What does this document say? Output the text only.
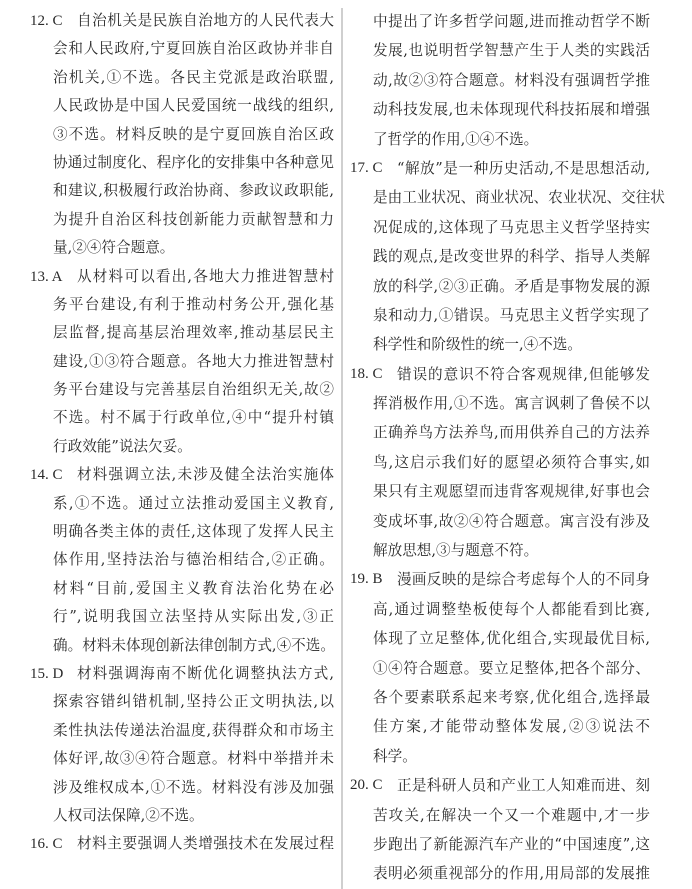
12. C 自治机关是民族自治地方的人民代表大
会和人民政府,宁夏回族自治区政协并非自
治机关,①不选。各民主党派是政治联盟,
人民政协是中国人民爱国统一战线的组织,
③不选。材料反映的是宁夏回族自治区政
协通过制度化、程序化的安排集中各种意见
和建议,积极履行政治协商、参政议政职能,
为提升自治区科技创新能力贡献智慧和力
量,②④符合题意。
13. A 从材料可以看出,各地大力推进智慧村
务平台建设,有利于推动村务公开,强化基
层监督,提高基层治理效率,推动基层民主
建设,①③符合题意。各地大力推进智慧村
务平台建设与完善基层自治组织无关,故②
不选。村不属于行政单位,④中“提升村镇
行政效能”说法欠妥。
14. C 材料强调立法,未涉及健全法治实施体
系,①不选。通过立法推动爱国主义教育,
明确各类主体的责任,这体现了发挥人民主
体作用,坚持法治与德治相结合,②正确。
材料“目前,爱国主义教育法治化势在必
行”,说明我国立法坚持从实际出发,③正
确。材料未体现创新法律创制方式,④不选。
15. D 材料强调海南不断优化调整执法方式,
探索容错纠错机制,坚持公正文明执法,以
柔性执法传递法治温度,获得群众和市场主
体好评,故③④符合题意。材料中举措并未
涉及维权成本,①不选。材料没有涉及加强
人权司法保障,②不选。
16. C 材料主要强调人类增强技术在发展过程
中提出了许多哲学问题,进而推动哲学不断
发展,也说明哲学智慧产生于人类的实践活
动,故②③符合题意。材料没有强调哲学推
动科技发展,也未体现现代科技拓展和增强
了哲学的作用,①④不选。
17. C “解放”是一种历史活动,不是思想活动,
是由工业状况、商业状况、农业状况、交往状
况促成的,这体现了马克思主义哲学坚持实
践的观点,是改变世界的科学、指导人类解
放的科学,②③正确。矛盾是事物发展的源
泉和动力,①错误。马克思主义哲学实现了
科学性和阶级性的统一,④不选。
18. C 错误的意识不符合客观规律,但能够发
挥消极作用,①不选。寓言讽刺了鲁侯不以
正确养鸟方法养鸟,而用供养自己的方法养
鸟,这启示我们好的愿望必须符合事实,如
果只有主观愿望而违背客观规律,好事也会
变成坏事,故②④符合题意。寓言没有涉及
解放思想,③与题意不符。
19. B 漫画反映的是综合考虑每个人的不同身
高,通过调整垫板使每个人都能看到比赛,
体现了立足整体,优化组合,实现最优目标,
①④符合题意。要立足整体,把各个部分、
各个要素联系起来考察,优化组合,选择最
佳方案,才能带动整体发展,②③说法不
科学。
20. C 正是科研人员和产业工人知难而进、刻
苦攻关,在解决一个又一个难题中,才一步
步跑出了新能源汽车产业的“中国速度”,这
表明必须重视部分的作用,用局部的发展推
